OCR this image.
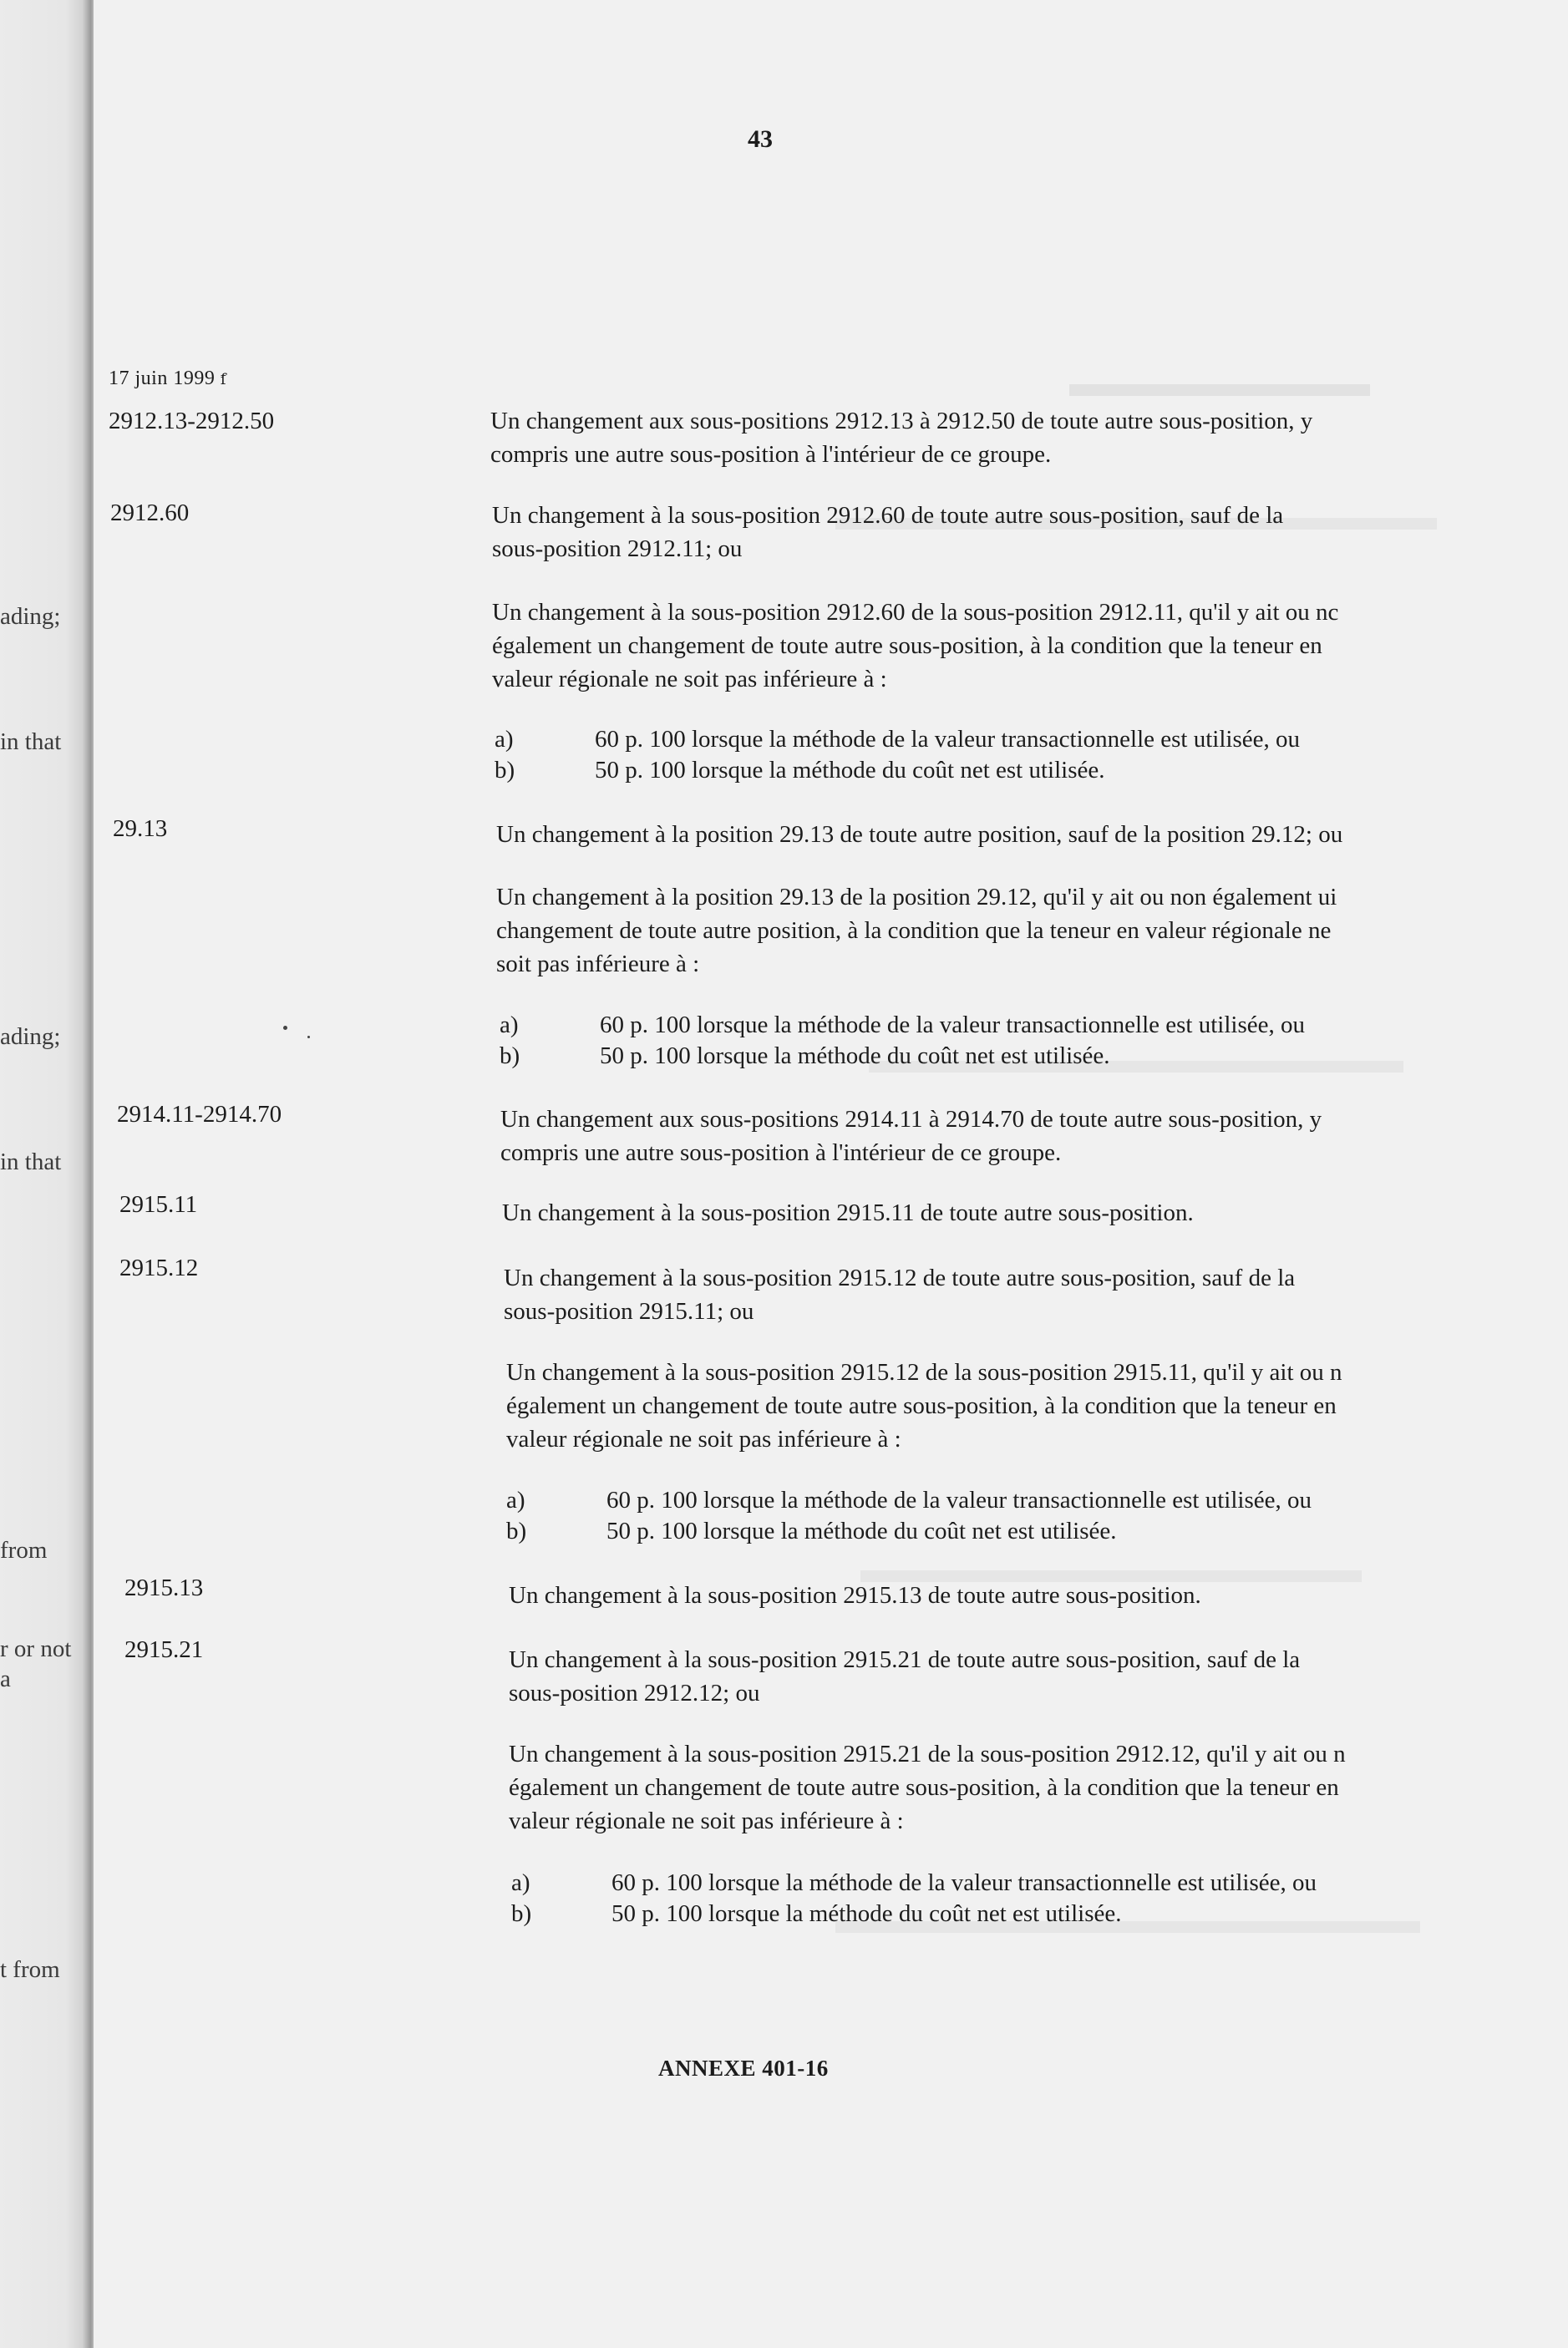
ading;
in that
ading;
in that
from
r or not
a
t from
43
17 juin 1999 ẝ
2912.13-2912.50	Un changement aux sous-positions 2912.13 à 2912.50 de toute autre sous-position, y
compris une autre sous-position à l'intérieur de ce groupe.
2912.60	Un changement à la sous-position 2912.60 de toute autre sous-position, sauf de la
sous-position 2912.11; ou
Un changement à la sous-position 2912.60 de la sous-position 2912.11, qu'il y ait ou nc
également un changement de toute autre sous-position, à la condition que la teneur en
valeur régionale ne soit pas inférieure à :
a)	60 p. 100 lorsque la méthode de la valeur transactionnelle est utilisée, ou
b)	50 p. 100 lorsque la méthode du coût net est utilisée.
29.13	Un changement à la position 29.13 de toute autre position, sauf de la position 29.12; ou
Un changement à la position 29.13 de la position 29.12, qu'il y ait ou non également ui
changement de toute autre position, à la condition que la teneur en valeur régionale ne
soit pas inférieure à :
a)	60 p. 100 lorsque la méthode de la valeur transactionnelle est utilisée, ou
b)	50 p. 100 lorsque la méthode du coût net est utilisée.
2914.11-2914.70	Un changement aux sous-positions 2914.11 à 2914.70 de toute autre sous-position, y
compris une autre sous-position à l'intérieur de ce groupe.
2915.11	Un changement à la sous-position 2915.11 de toute autre sous-position.
2915.12	Un changement à la sous-position 2915.12 de toute autre sous-position, sauf de la
sous-position 2915.11; ou
Un changement à la sous-position 2915.12 de la sous-position 2915.11, qu'il y ait ou n
également un changement de toute autre sous-position, à la condition que la teneur en
valeur régionale ne soit pas inférieure à :
a)	60 p. 100 lorsque la méthode de la valeur transactionnelle est utilisée, ou
b)	50 p. 100 lorsque la méthode du coût net est utilisée.
2915.13	Un changement à la sous-position 2915.13 de toute autre sous-position.
2915.21	Un changement à la sous-position 2915.21 de toute autre sous-position, sauf de la
sous-position 2912.12; ou
Un changement à la sous-position 2915.21 de la sous-position 2912.12, qu'il y ait ou n
également un changement de toute autre sous-position, à la condition que la teneur en
valeur régionale ne soit pas inférieure à :
a)	60 p. 100 lorsque la méthode de la valeur transactionnelle est utilisée, ou
b)	50 p. 100 lorsque la méthode du coût net est utilisée.
ANNEXE 401-16
